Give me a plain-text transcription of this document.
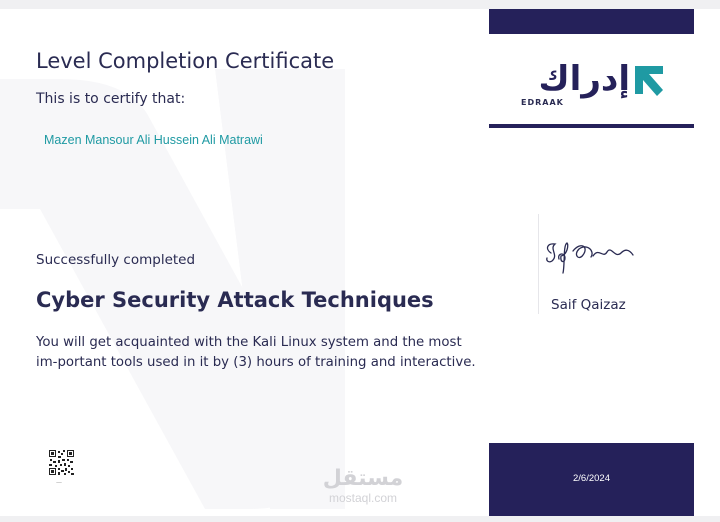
Level Completion Certificate

This is to certify that:

Mazen Mansour Ali Hussein Ali Matrawi

Successfully completed

Cyber Security Attack Techniques

You will get acquainted with the Kali Linux system and the most im-portant tools used in it by (3) hours of training and interactive.

إدراك

EDRAAK

Saif Qaizaz

2/6/2024

—	مستقل

mostaql.com
